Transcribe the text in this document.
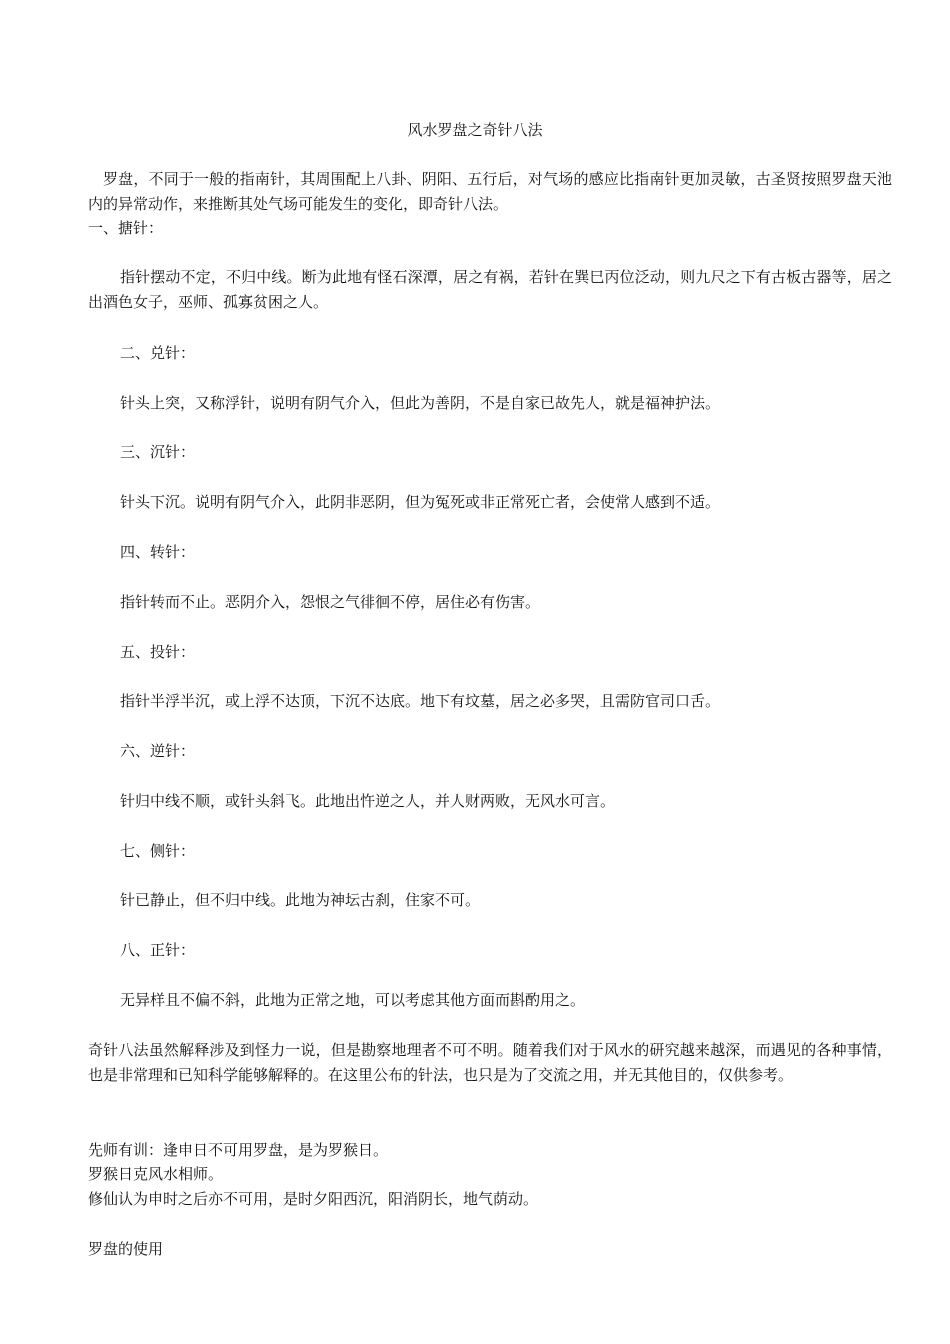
风水罗盘之奇针八法

罗盘，不同于一般的指南针，其周围配上八卦、阴阳、五行后，对气场的感应比指南针更加灵敏，古圣贤按照罗盘天池内的异常动作，来推断其处气场可能发生的变化，即奇针八法。

一、搪针：

指针摆动不定，不归中线。断为此地有怪石深潭，居之有祸，若针在巽巳丙位泛动，则九尺之下有古板古器等，居之出酒色女子，巫师、孤寡贫困之人。

二、兑针：
针头上突，又称浮针，说明有阴气介入，但此为善阴，不是自家已故先人，就是福神护法。
三、沉针：
针头下沉。说明有阴气介入，此阴非恶阴，但为冤死或非正常死亡者，会使常人感到不适。
四、转针：
指针转而不止。恶阴介入，怨恨之气徘徊不停，居住必有伤害。
五、投针：
指针半浮半沉，或上浮不达顶，下沉不达底。地下有坟墓，居之必多哭，且需防官司口舌。
六、逆针：
针归中线不顺，或针头斜飞。此地出忤逆之人，并人财两败，无风水可言。
七、侧针：
针已静止，但不归中线。此地为神坛古刹，住家不可。
八、正针：
无异样且不偏不斜，此地为正常之地，可以考虑其他方面而斟酌用之。

奇针八法虽然解释涉及到怪力一说，但是勘察地理者不可不明。随着我们对于风水的研究越来越深，而遇见的各种事情，也是非常理和已知科学能够解释的。在这里公布的针法，也只是为了交流之用，并无其他目的，仅供参考。

先师有训：逢申日不可用罗盘，是为罗猴日。
罗猴日克风水相师。
修仙认为申时之后亦不可用，是时夕阳西沉，阳消阴长，地气荫动。
罗盘的使用
